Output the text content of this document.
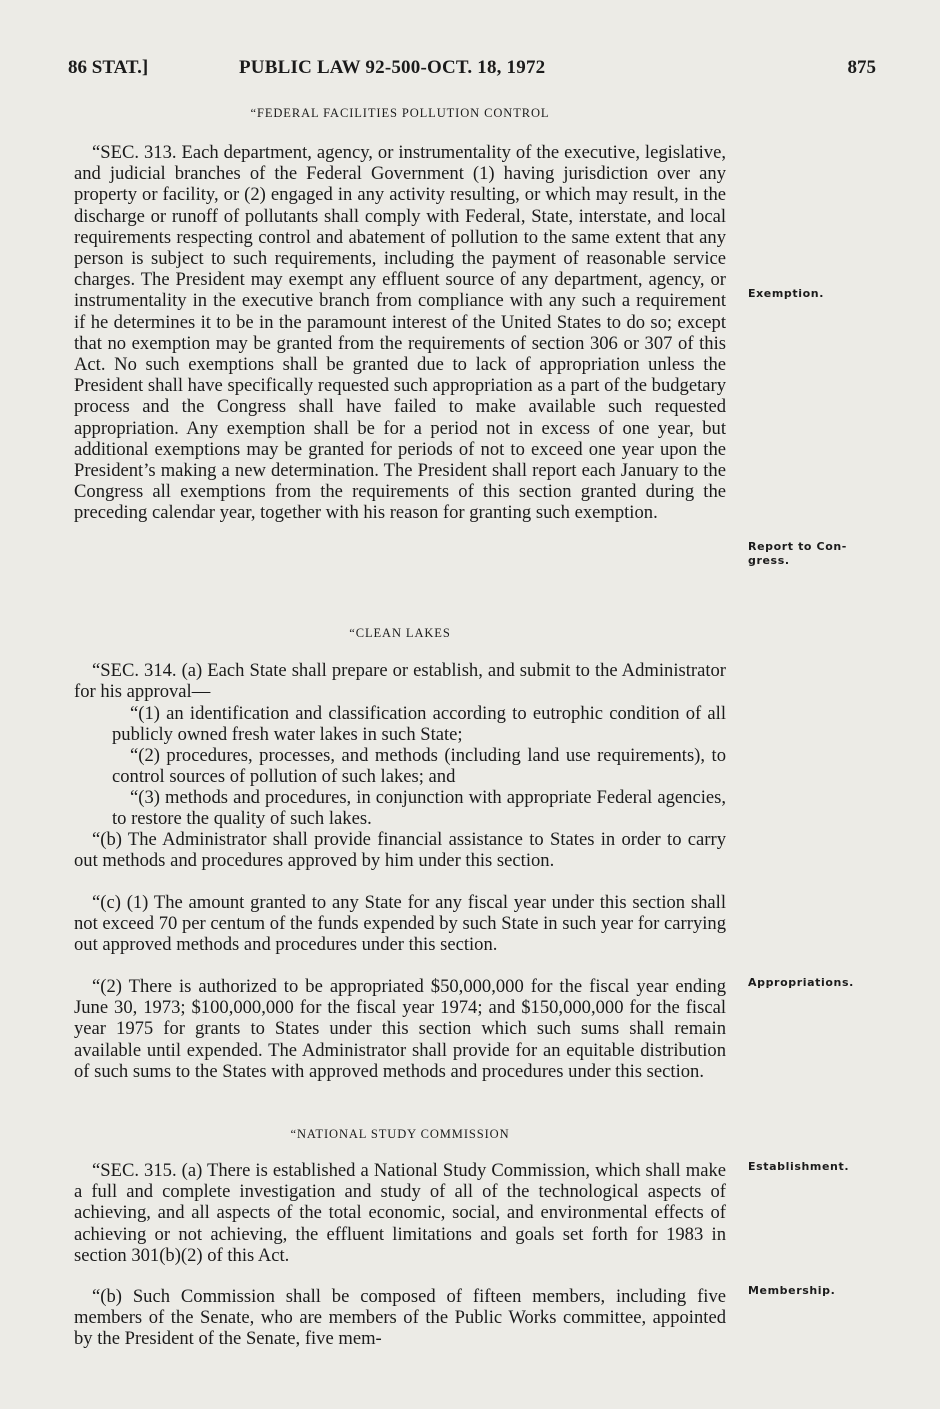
86 STAT.]	PUBLIC LAW 92-500-OCT. 18, 1972	875
“FEDERAL FACILITIES POLLUTION CONTROL

“SEC. 313. Each department, agency, or instrumentality of the executive, legislative, and judicial branches of the Federal Government (1) having jurisdiction over any property or facility, or (2) engaged in any activity resulting, or which may result, in the discharge or runoff of pollutants shall comply with Federal, State, interstate, and local requirements respecting control and abatement of pollution to the same extent that any person is subject to such requirements, including the payment of reasonable service charges. The President may exempt any effluent source of any department, agency, or instrumentality in the executive branch from compliance with any such a requirement if he determines it to be in the paramount interest of the United States to do so; except that no exemption may be granted from the requirements of section 306 or 307 of this Act. No such exemptions shall be granted due to lack of appropriation unless the President shall have specifically requested such appropriation as a part of the budgetary process and the Congress shall have failed to make available such requested appropriation. Any exemption shall be for a period not in excess of one year, but additional exemptions may be granted for periods of not to exceed one year upon the President’s making a new determination. The President shall report each January to the Congress all exemptions from the requirements of this section granted during the preceding calendar year, together with his reason for granting such exemption.

“CLEAN LAKES

“SEC. 314. (a) Each State shall prepare or establish, and submit to the Administrator for his approval—

“(1) an identification and classification according to eutrophic condition of all publicly owned fresh water lakes in such State;

“(2) procedures, processes, and methods (including land use requirements), to control sources of pollution of such lakes; and

“(3) methods and procedures, in conjunction with appropriate Federal agencies, to restore the quality of such lakes.

“(b) The Administrator shall provide financial assistance to States in order to carry out methods and procedures approved by him under this section.

“(c) (1) The amount granted to any State for any fiscal year under this section shall not exceed 70 per centum of the funds expended by such State in such year for carrying out approved methods and procedures under this section.

“(2) There is authorized to be appropriated $50,000,000 for the fiscal year ending June 30, 1973; $100,000,000 for the fiscal year 1974; and $150,000,000 for the fiscal year 1975 for grants to States under this section which such sums shall remain available until expended. The Administrator shall provide for an equitable distribution of such sums to the States with approved methods and procedures under this section.

“NATIONAL STUDY COMMISSION

“SEC. 315. (a) There is established a National Study Commission, which shall make a full and complete investigation and study of all of the technological aspects of achieving, and all aspects of the total economic, social, and environmental effects of achieving or not achieving, the effluent limitations and goals set forth for 1983 in section 301(b)(2) of this Act.

“(b) Such Commission shall be composed of fifteen members, including five members of the Senate, who are members of the Public Works committee, appointed by the President of the Senate, five mem-

Exemption.
Report to Con-
gress.
Appropriations.
Establishment.
Membership.
